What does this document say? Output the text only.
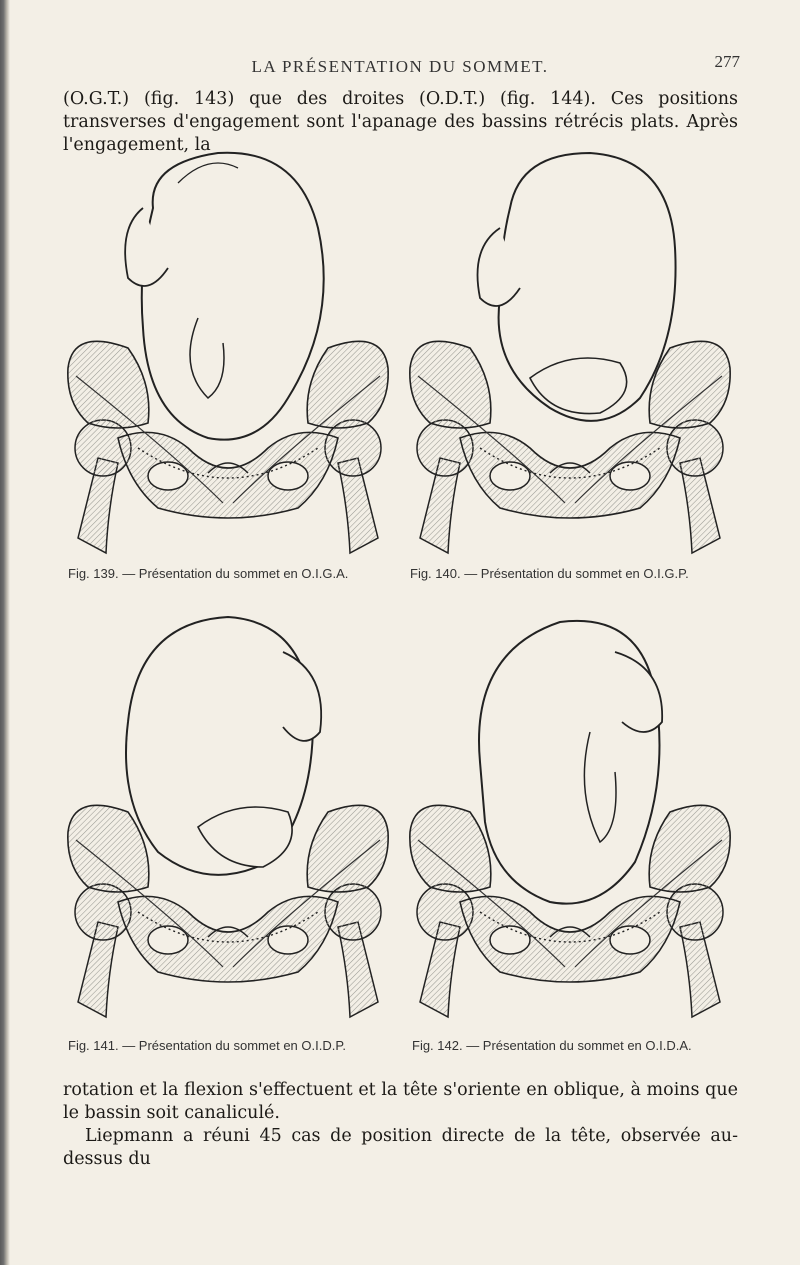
LA PRÉSENTATION DU SOMMET.	277
(O.G.T.) (fig. 143) que des droites (O.D.T.) (fig. 144). Ces positions transverses d'engagement sont l'apanage des bassins rétrécis plats. Après l'engagement, la
Fig. 139. — Présentation du sommet en O.I.G.A.	Fig. 140. — Présentation du sommet en O.I.G.P.
Fig. 141. — Présentation du sommet en O.I.D.P.	Fig. 142. — Présentation du sommet en O.I.D.A.
rotation et la flexion s'effectuent et la tête s'oriente en oblique, à moins que le bassin soit canaliculé.
Liepmann a réuni 45 cas de position directe de la tête, observée au-dessus du
